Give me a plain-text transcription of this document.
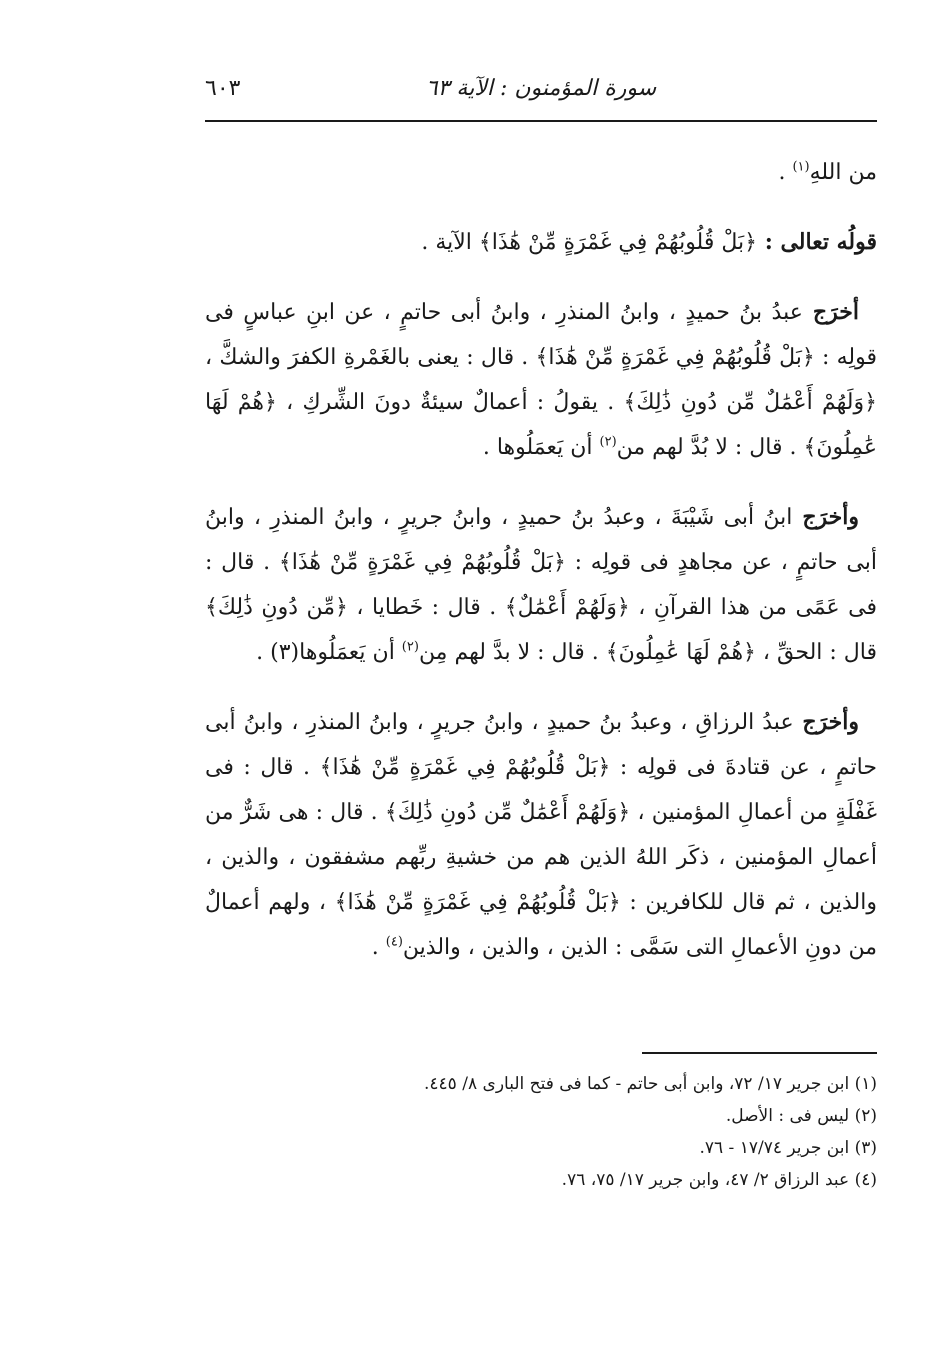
سورة المؤمنون : الآية ٦٣
٦٠٣

من اللهِ$^{(١)}$ .

قولُه تعالى : ﴿بَلْ قُلُوبُهُمْ فِي غَمْرَةٍ مِّنْ هَٰذَا﴾ الآية .

أخرَج عبدُ بنُ حميدٍ ، وابنُ المنذرِ ، وابنُ أبى حاتمٍ ، عن ابنِ عباسٍ فى قولِه : ﴿بَلْ قُلُوبُهُمْ فِي غَمْرَةٍ مِّنْ هَٰذَا﴾ . قال : يعنى بالغَمْرةِ الكفرَ والشكَّ ، ﴿وَلَهُمْ أَعْمَٰلٌ مِّن دُونِ ذَٰلِكَ﴾ . يقولُ : أعمالٌ سيئةٌ دونَ الشِّركِ ، ﴿هُمْ لَهَا عَٰمِلُونَ﴾ . قال : لا بُدَّ لهم من$^{(٢)}$ أن يَعمَلُوها .

وأخرَج ابنُ أبى شَيْبَةَ ، وعبدُ بنُ حميدٍ ، وابنُ جريرٍ ، وابنُ المنذرِ ، وابنُ أبى حاتمٍ ، عن مجاهدٍ فى قولِه : ﴿بَلْ قُلُوبُهُمْ فِي غَمْرَةٍ مِّنْ هَٰذَا﴾ . قال : فى عَمًى من هذا القرآنِ ، ﴿وَلَهُمْ أَعْمَٰلٌ﴾ . قال : خَطايا ، ﴿مِّن دُونِ ذَٰلِكَ﴾ قال : الحقِّ ، ﴿هُمْ لَهَا عَٰمِلُونَ﴾ . قال : لا بدَّ لهم مِن$^{(٢)}$ أن يَعمَلُوها(٣) .

وأخرَج عبدُ الرزاقِ ، وعبدُ بنُ حميدٍ ، وابنُ جريرٍ ، وابنُ المنذرِ ، وابنُ أبى حاتمٍ ، عن قتادةَ فى قولِه : ﴿بَلْ قُلُوبُهُمْ فِي غَمْرَةٍ مِّنْ هَٰذَا﴾ . قال : فى غَفْلَةٍ من أعمالِ المؤمنين ، ﴿وَلَهُمْ أَعْمَٰلٌ مِّن دُونِ ذَٰلِكَ﴾ . قال : هى شَرٌّ من أعمالِ المؤمنين ، ذكَر اللهُ الذين هم من خشيةِ ربِّهم مشفقون ، والذين ، والذين ، ثم قال للكافرين : ﴿بَلْ قُلُوبُهُمْ فِي غَمْرَةٍ مِّنْ هَٰذَا﴾ ، ولهم أعمالٌ من دونِ الأعمالِ التى سَمَّى : الذين ، والذين ، والذين$^{(٤)}$ .

(١) ابن جرير ١٧/ ٧٢، وابن أبى حاتم - كما فى فتح البارى ٨/ ٤٤٥.
(٢) ليس فى : الأصل.
(٣) ابن جرير ١٧/٧٤ - ٧٦.
(٤) عبد الرزاق ٢/ ٤٧، وابن جرير ١٧/ ٧٥، ٧٦.
